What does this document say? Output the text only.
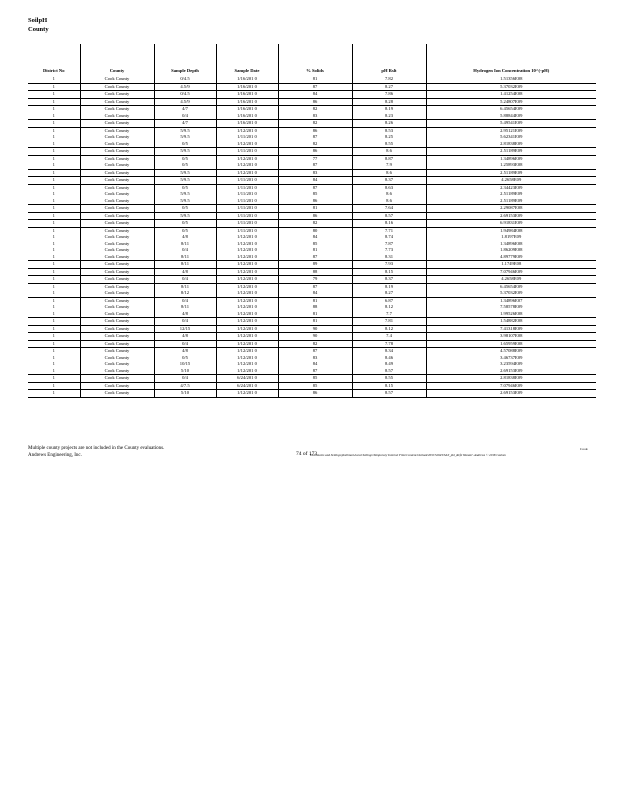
SoilpH
County
District No	County	Sample Depth	Sample Date	% Solids	pH Rslt	Hydrogen Ion Concentration 10^(-pH)
1	Cook County	0/4.5	1/16/201 0	81	7.82	1.51356E08
1	Cook County	4.5/9	1/16/201 0	87	8.27	5.37032E09
1	Cook County	0/4.5	1/16/201 0	84	7.86	1.41254E08
1	Cook County	4.5/9	1/16/201 0	86	8.28	5.24807E09
1	Cook County	4/7	1/16/201 0	82	8.19	6.45654E09
1	Cook County	0/4	1/16/201 0	83	8.23	5.88844E09
1	Cook County	4/7	1/16/201 0	82	8.26	5.49541E09
1	Cook County	5/9.5	1/12/201 0	86	8.53	2.95121E09
1	Cook County	5/9.5	1/11/201 0	87	8.25	5.62341E09
1	Cook County	0/5	1/12/201 0	82	8.55	2.81838E09
1	Cook County	5/9.5	1/11/201 0	86	8.6	2.51189E09
1	Cook County	0/5	1/12/201 0	77	8.87	1.34896E09
1	Cook County	0/5	1/12/201 0	87	7.9	1.25893E08
1	Cook County	5/9.5	1/12/201 0	83	8.6	2.51189E09
1	Cook County	5/9.5	1/11/201 0	84	8.37	4.2658E09
1	Cook County	0/5	1/11/201 0	87	8.63	2.34423E09
1	Cook County	5/9.5	1/11/201 0	85	8.6	2.51189E09
1	Cook County	5/9.5	1/11/201 0	86	8.6	2.51189E09
1	Cook County	0/5	1/11/201 0	81	7.64	2.29087E08
1	Cook County	5/9.5	1/11/201 0	86	8.57	2.69153E09
1	Cook County	0/5	1/11/201 0	82	8.16	6.91831E09
1	Cook County	0/5	1/11/201 0	80	7.71	1.94984E08
1	Cook County	4/8	1/12/201 0	84	8.74	1.8197E09
1	Cook County	8/11	1/12/201 0	85	7.87	1.34896E08
1	Cook County	0/4	1/12/201 0	81	7.73	1.86209E08
1	Cook County	8/11	1/12/201 0	87	8.31	4.89779E09
1	Cook County	8/11	1/12/201 0	89	7.93	1.1749E08
1	Cook County	4/8	1/12/201 0	88	8.15	7.07946E09
1	Cook County	0/4	1/12/201 0	79	8.37	4.2658E09
1	Cook County	8/11	1/12/201 0	87	8.19	6.45654E09
1	Cook County	8/12	1/12/201 0	84	8.27	5.37032E09
1	Cook County	0/4	1/12/201 0	81	6.87	1.34896E07
1	Cook County	8/11	1/12/201 0	88	8.12	7.58578E09
1	Cook County	4/8	1/12/201 0	81	7.7	1.99526E08
1	Cook County	0/4	1/12/201 0	81	7.81	1.54882E08
1	Cook County	12/15	1/12/201 0	90	8.12	7.41318E09
1	Cook County	4/8	1/12/201 0	90	7.4	3.98107E08
1	Cook County	0/4	1/12/201 0	82	7.78	1.65959E08
1	Cook County	4/8	1/12/201 0	87	8.34	4.57088E09
1	Cook County	0/5	1/12/201 0	83	8.46	3.46737E09
1	Cook County	10/15	1/12/201 0	84	8.49	3.23594E09
1	Cook County	5/10	1/12/201 0	87	8.57	2.69153E09
1	Cook County	0/4	6/24/201 0	85	8.55	2.81838E09
1	Cook County	4/7.5	6/24/201 0	85	8.15	7.07946E09
1	Cook County	5/10	1/12/201 0	86	8.57	2.69153E09
Multiple county projects are not included in the County evaluations.
Andrews Engineering, Inc.	74 of 173
Documents and Settings\pheilman\Local Settings\Temporary Internet Files\Content.Outlook\NOC5264Y\SAT_phl_Ref2 Wanzer\ Andrews © 2018 Cashen
Cook
